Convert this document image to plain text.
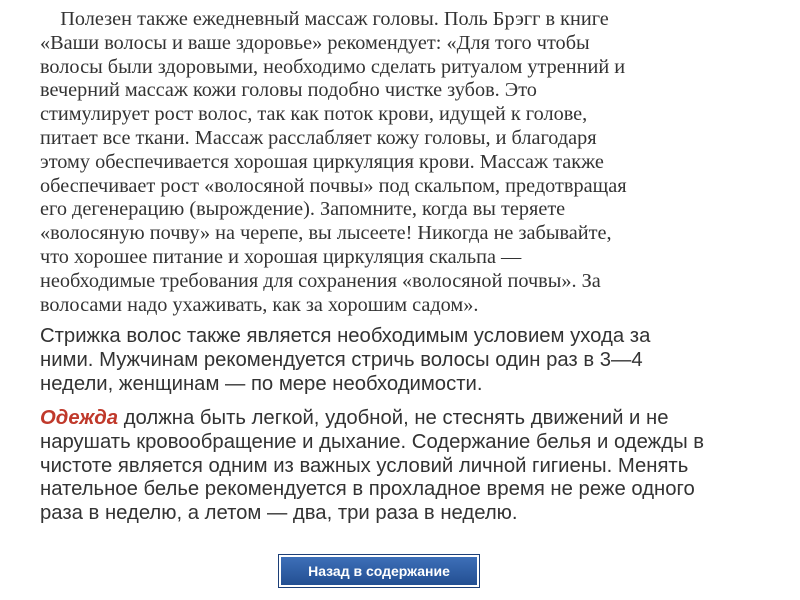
Полезен также ежедневный массаж головы. Поль Брэгг в книге
«Ваши волосы и ваше здоровье» рекомендует: «Для того чтобы
волосы были здоровыми, необходимо сделать ритуалом утренний и
вечерний массаж кожи головы подобно чистке зубов. Это
стимулирует рост волос, так как поток крови, идущей к голове,
питает все ткани. Массаж расслабляет кожу головы, и благодаря
этому обеспечивается хорошая циркуляция крови. Массаж также
обеспечивает рост «волосяной почвы» под скальпом, предотвращая
его дегенерацию (вырождение). Запомните, когда вы теряете
«волосяную почву» на черепе, вы лысеете! Никогда не забывайте,
что хорошее питание и хорошая циркуляция скальпа —
необходимые требования для сохранения «волосяной почвы». За
волосами надо ухаживать, как за хорошим садом».

Стрижка волос также является необходимым условием ухода за
ними. Мужчинам рекомендуется стричь волосы один раз в 3—4
недели, женщинам — по мере необходимости.

Одежда должна быть легкой, удобной, не стеснять движений и не
нарушать кровообращение и дыхание. Содержание белья и одежды в
чистоте является одним из важных условий личной гигиены. Менять
нательное белье рекомендуется в прохладное время не реже одного
раза в неделю, а летом — два, три раза в неделю.

Назад в содержание
